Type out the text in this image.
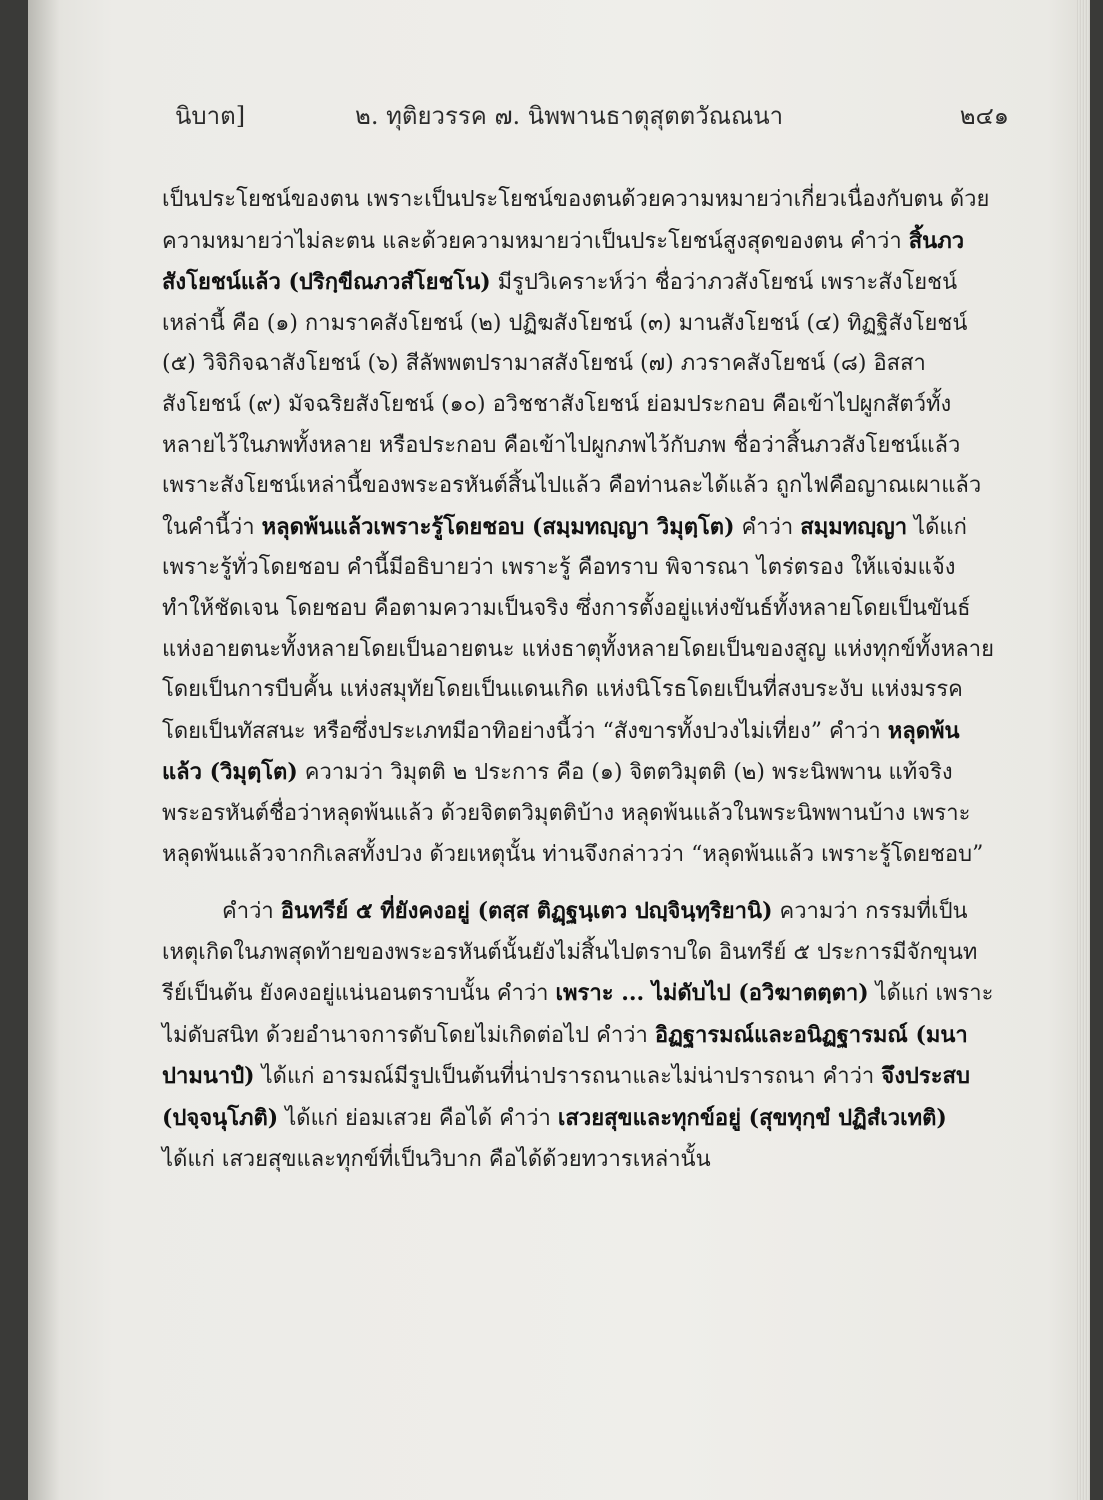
นิบาต]	๒. ทุติยวรรค ๗. นิพพานธาตุสุตตวัณณนา	๒๔๑

เป็นประโยชน์ของตน เพราะเป็นประโยชน์ของตนด้วยความหมายว่าเกี่ยวเนื่องกับตน ด้วยความหมายว่าไม่ละตน และด้วยความหมายว่าเป็นประโยชน์สูงสุดของตน คำว่า สิ้นภวสังโยชน์แล้ว (ปริกฺขีณภวสํโยชโน) มีรูปวิเคราะห์ว่า ชื่อว่าภวสังโยชน์ เพราะสังโยชน์เหล่านี้ คือ (๑) กามราคสังโยชน์ (๒) ปฏิฆสังโยชน์ (๓) มานสังโยชน์ (๔) ทิฏฐิสังโยชน์ (๕) วิจิกิจฉาสังโยชน์ (๖) สีลัพพตปรามาสสังโยชน์ (๗) ภวราคสังโยชน์ (๘) อิสสาสังโยชน์ (๙) มัจฉริยสังโยชน์ (๑๐) อวิชชาสังโยชน์ ย่อมประกอบ คือเข้าไปผูกสัตว์ทั้งหลายไว้ในภพทั้งหลาย หรือประกอบ คือเข้าไปผูกภพไว้กับภพ ชื่อว่าสิ้นภวสังโยชน์แล้ว เพราะสังโยชน์เหล่านี้ของพระอรหันต์สิ้นไปแล้ว คือท่านละได้แล้ว ถูกไฟคือญาณเผาแล้ว ในคำนี้ว่า หลุดพ้นแล้วเพราะรู้โดยชอบ (สมฺมทญฺญา วิมุตฺโต) คำว่า สมฺมทญฺญา ได้แก่ เพราะรู้ทั่วโดยชอบ คำนี้มีอธิบายว่า เพราะรู้ คือทราบ พิจารณา ไตร่ตรอง ให้แจ่มแจ้ง ทำให้ชัดเจน โดยชอบ คือตามความเป็นจริง ซึ่งการตั้งอยู่แห่งขันธ์ทั้งหลายโดยเป็นขันธ์ แห่งอายตนะทั้งหลายโดยเป็นอายตนะ แห่งธาตุทั้งหลายโดยเป็นของสูญ แห่งทุกข์ทั้งหลายโดยเป็นการบีบคั้น แห่งสมุทัยโดยเป็นแดนเกิด แห่งนิโรธโดยเป็นที่สงบระงับ แห่งมรรคโดยเป็นทัสสนะ หรือซึ่งประเภทมีอาทิอย่างนี้ว่า “สังขารทั้งปวงไม่เที่ยง” คำว่า หลุดพ้นแล้ว (วิมุตฺโต) ความว่า วิมุตติ ๒ ประการ คือ (๑) จิตตวิมุตติ (๒) พระนิพพาน แท้จริง พระอรหันต์ชื่อว่าหลุดพ้นแล้ว ด้วยจิตตวิมุตติบ้าง หลุดพ้นแล้วในพระนิพพานบ้าง เพราะหลุดพ้นแล้วจากกิเลสทั้งปวง ด้วยเหตุนั้น ท่านจึงกล่าวว่า “หลุดพ้นแล้ว เพราะรู้โดยชอบ”

คำว่า อินทรีย์ ๕ ที่ยังคงอยู่ (ตสฺส ติฏฺฐนฺเตว ปญฺจินฺทฺริยานิ) ความว่า กรรมที่เป็นเหตุเกิดในภพสุดท้ายของพระอรหันต์นั้นยังไม่สิ้นไปตราบใด อินทรีย์ ๕ ประการมีจักขุนทรีย์เป็นต้น ยังคงอยู่แน่นอนตราบนั้น คำว่า เพราะ ... ไม่ดับไป (อวิฆาตตฺตา) ได้แก่ เพราะไม่ดับสนิท ด้วยอำนาจการดับโดยไม่เกิดต่อไป คำว่า อิฏฐารมณ์และอนิฏฐารมณ์ (มนาปามนาปํ) ได้แก่ อารมณ์มีรูปเป็นต้นที่น่าปรารถนาและไม่น่าปรารถนา คำว่า จึงประสบ (ปจฺจนุโภติ) ได้แก่ ย่อมเสวย คือได้ คำว่า เสวยสุขและทุกข์อยู่ (สุขทุกฺขํ ปฏิสํเวเทติ) ได้แก่ เสวยสุขและทุกข์ที่เป็นวิบาก คือได้ด้วยทวารเหล่านั้น
